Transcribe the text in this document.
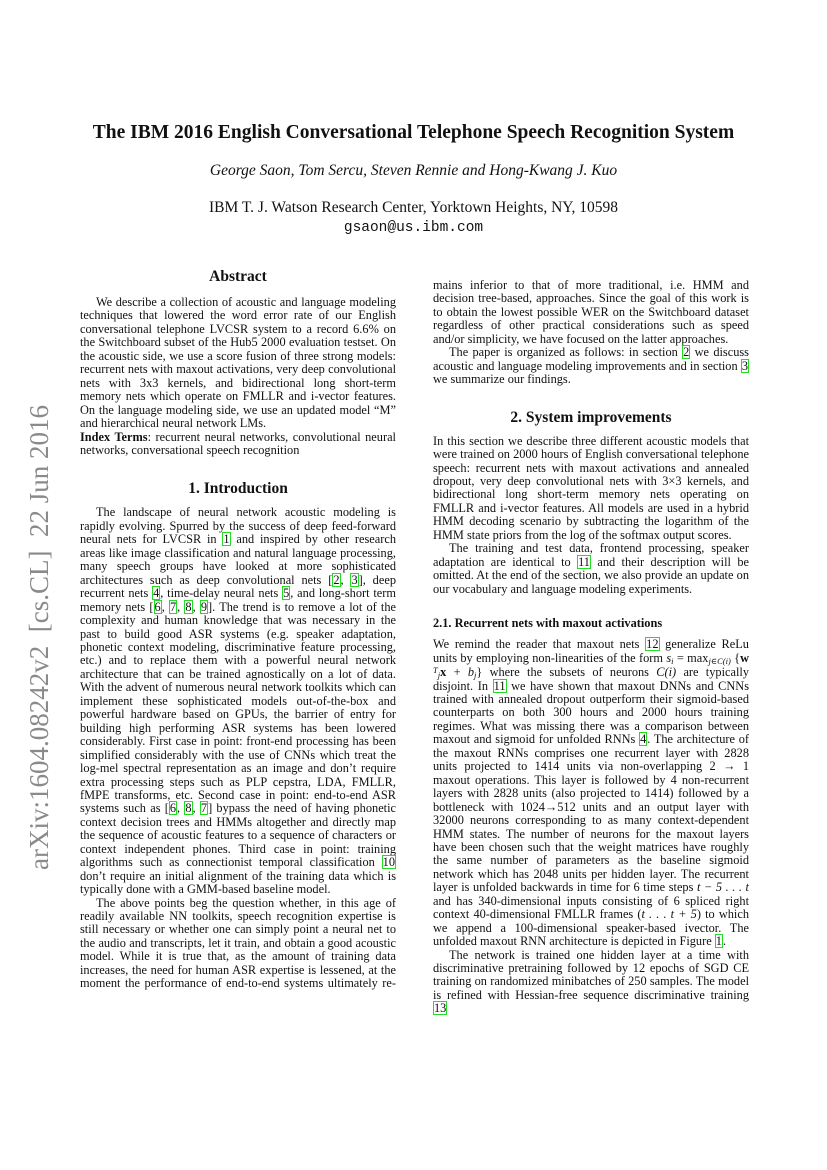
arXiv:1604.08242v2  [cs.CL]  22 Jun 2016
The IBM 2016 English Conversational Telephone Speech Recognition System
George Saon, Tom Sercu, Steven Rennie and Hong-Kwang J. Kuo
IBM T. J. Watson Research Center, Yorktown Heights, NY, 10598
gsaon@us.ibm.com
Abstract

We describe a collection of acoustic and language modeling techniques that lowered the word error rate of our English conversational telephone LVCSR system to a record 6.6% on the Switchboard subset of the Hub5 2000 evaluation testset. On the acoustic side, we use a score fusion of three strong models: recurrent nets with maxout activations, very deep convolutional nets with 3x3 kernels, and bidirectional long short-term memory nets which operate on FMLLR and i-vector features. On the language modeling side, we use an updated model “M” and hierarchical neural network LMs.

Index Terms: recurrent neural networks, convolutional neural networks, conversational speech recognition

1. Introduction

The landscape of neural network acoustic modeling is rapidly evolving. Spurred by the success of deep feed-forward neural nets for LVCSR in 1 and inspired by other research areas like image classification and natural language processing, many speech groups have looked at more sophisticated architectures such as deep convolutional nets [2, 3], deep recurrent nets 4, time-delay neural nets 5, and long-short term memory nets [6, 7, 8, 9]. The trend is to remove a lot of the complexity and human knowledge that was necessary in the past to build good ASR systems (e.g. speaker adaptation, phonetic context modeling, discriminative feature processing, etc.) and to replace them with a powerful neural network architecture that can be trained agnostically on a lot of data. With the advent of numerous neural network toolkits which can implement these sophisticated models out-of-the-box and powerful hardware based on GPUs, the barrier of entry for building high performing ASR systems has been lowered considerably. First case in point: front-end processing has been simplified considerably with the use of CNNs which treat the log-mel spectral representation as an image and don’t require extra processing steps such as PLP cepstra, LDA, FMLLR, fMPE transforms, etc. Second case in point: end-to-end ASR systems such as [6, 8, 7] bypass the need of having phonetic context decision trees and HMMs altogether and directly map the sequence of acoustic features to a sequence of characters or context independent phones. Third case in point: training algorithms such as connectionist temporal classification 10 don’t require an initial alignment of the training data which is typically done with a GMM-based baseline model.

The above points beg the question whether, in this age of readily available NN toolkits, speech recognition expertise is still necessary or whether one can simply point a neural net to the audio and transcripts, let it train, and obtain a good acoustic model. While it is true that, as the amount of training data increases, the need for human ASR expertise is lessened, at the moment the performance of end-to-end systems ultimately re-

mains inferior to that of more traditional, i.e. HMM and decision tree-based, approaches. Since the goal of this work is to obtain the lowest possible WER on the Switchboard dataset regardless of other practical considerations such as speed and/or simplicity, we have focused on the latter approaches.

The paper is organized as follows: in section 2 we discuss acoustic and language modeling improvements and in section 3 we summarize our findings.

2. System improvements

In this section we describe three different acoustic models that were trained on 2000 hours of English conversational telephone speech: recurrent nets with maxout activations and annealed dropout, very deep convolutional nets with 3×3 kernels, and bidirectional long short-term memory nets operating on FMLLR and i-vector features. All models are used in a hybrid HMM decoding scenario by subtracting the logarithm of the HMM state priors from the log of the softmax output scores.

The training and test data, frontend processing, speaker adaptation are identical to 11 and their description will be omitted. At the end of the section, we also provide an update on our vocabulary and language modeling experiments.

2.1. Recurrent nets with maxout activations

We remind the reader that maxout nets 12 generalize ReLu units by employing non-linearities of the form si = maxj∈C(i) {wTjx + bj} where the subsets of neurons C(i) are typically disjoint. In 11 we have shown that maxout DNNs and CNNs trained with annealed dropout outperform their sigmoid-based counterparts on both 300 hours and 2000 hours training regimes. What was missing there was a comparison between maxout and sigmoid for unfolded RNNs 4. The architecture of the maxout RNNs comprises one recurrent layer with 2828 units projected to 1414 units via non-overlapping 2 → 1 maxout operations. This layer is followed by 4 non-recurrent layers with 2828 units (also projected to 1414) followed by a bottleneck with 1024→512 units and an output layer with 32000 neurons corresponding to as many context-dependent HMM states. The number of neurons for the maxout layers have been chosen such that the weight matrices have roughly the same number of parameters as the baseline sigmoid network which has 2048 units per hidden layer. The recurrent layer is unfolded backwards in time for 6 time steps t − 5 . . . t and has 340-dimensional inputs consisting of 6 spliced right context 40-dimensional FMLLR frames (t . . . t + 5) to which we append a 100-dimensional speaker-based ivector. The unfolded maxout RNN architecture is depicted in Figure 1.

The network is trained one hidden layer at a time with discriminative pretraining followed by 12 epochs of SGD CE training on randomized minibatches of 250 samples. The model is refined with Hessian-free sequence discriminative training 13
